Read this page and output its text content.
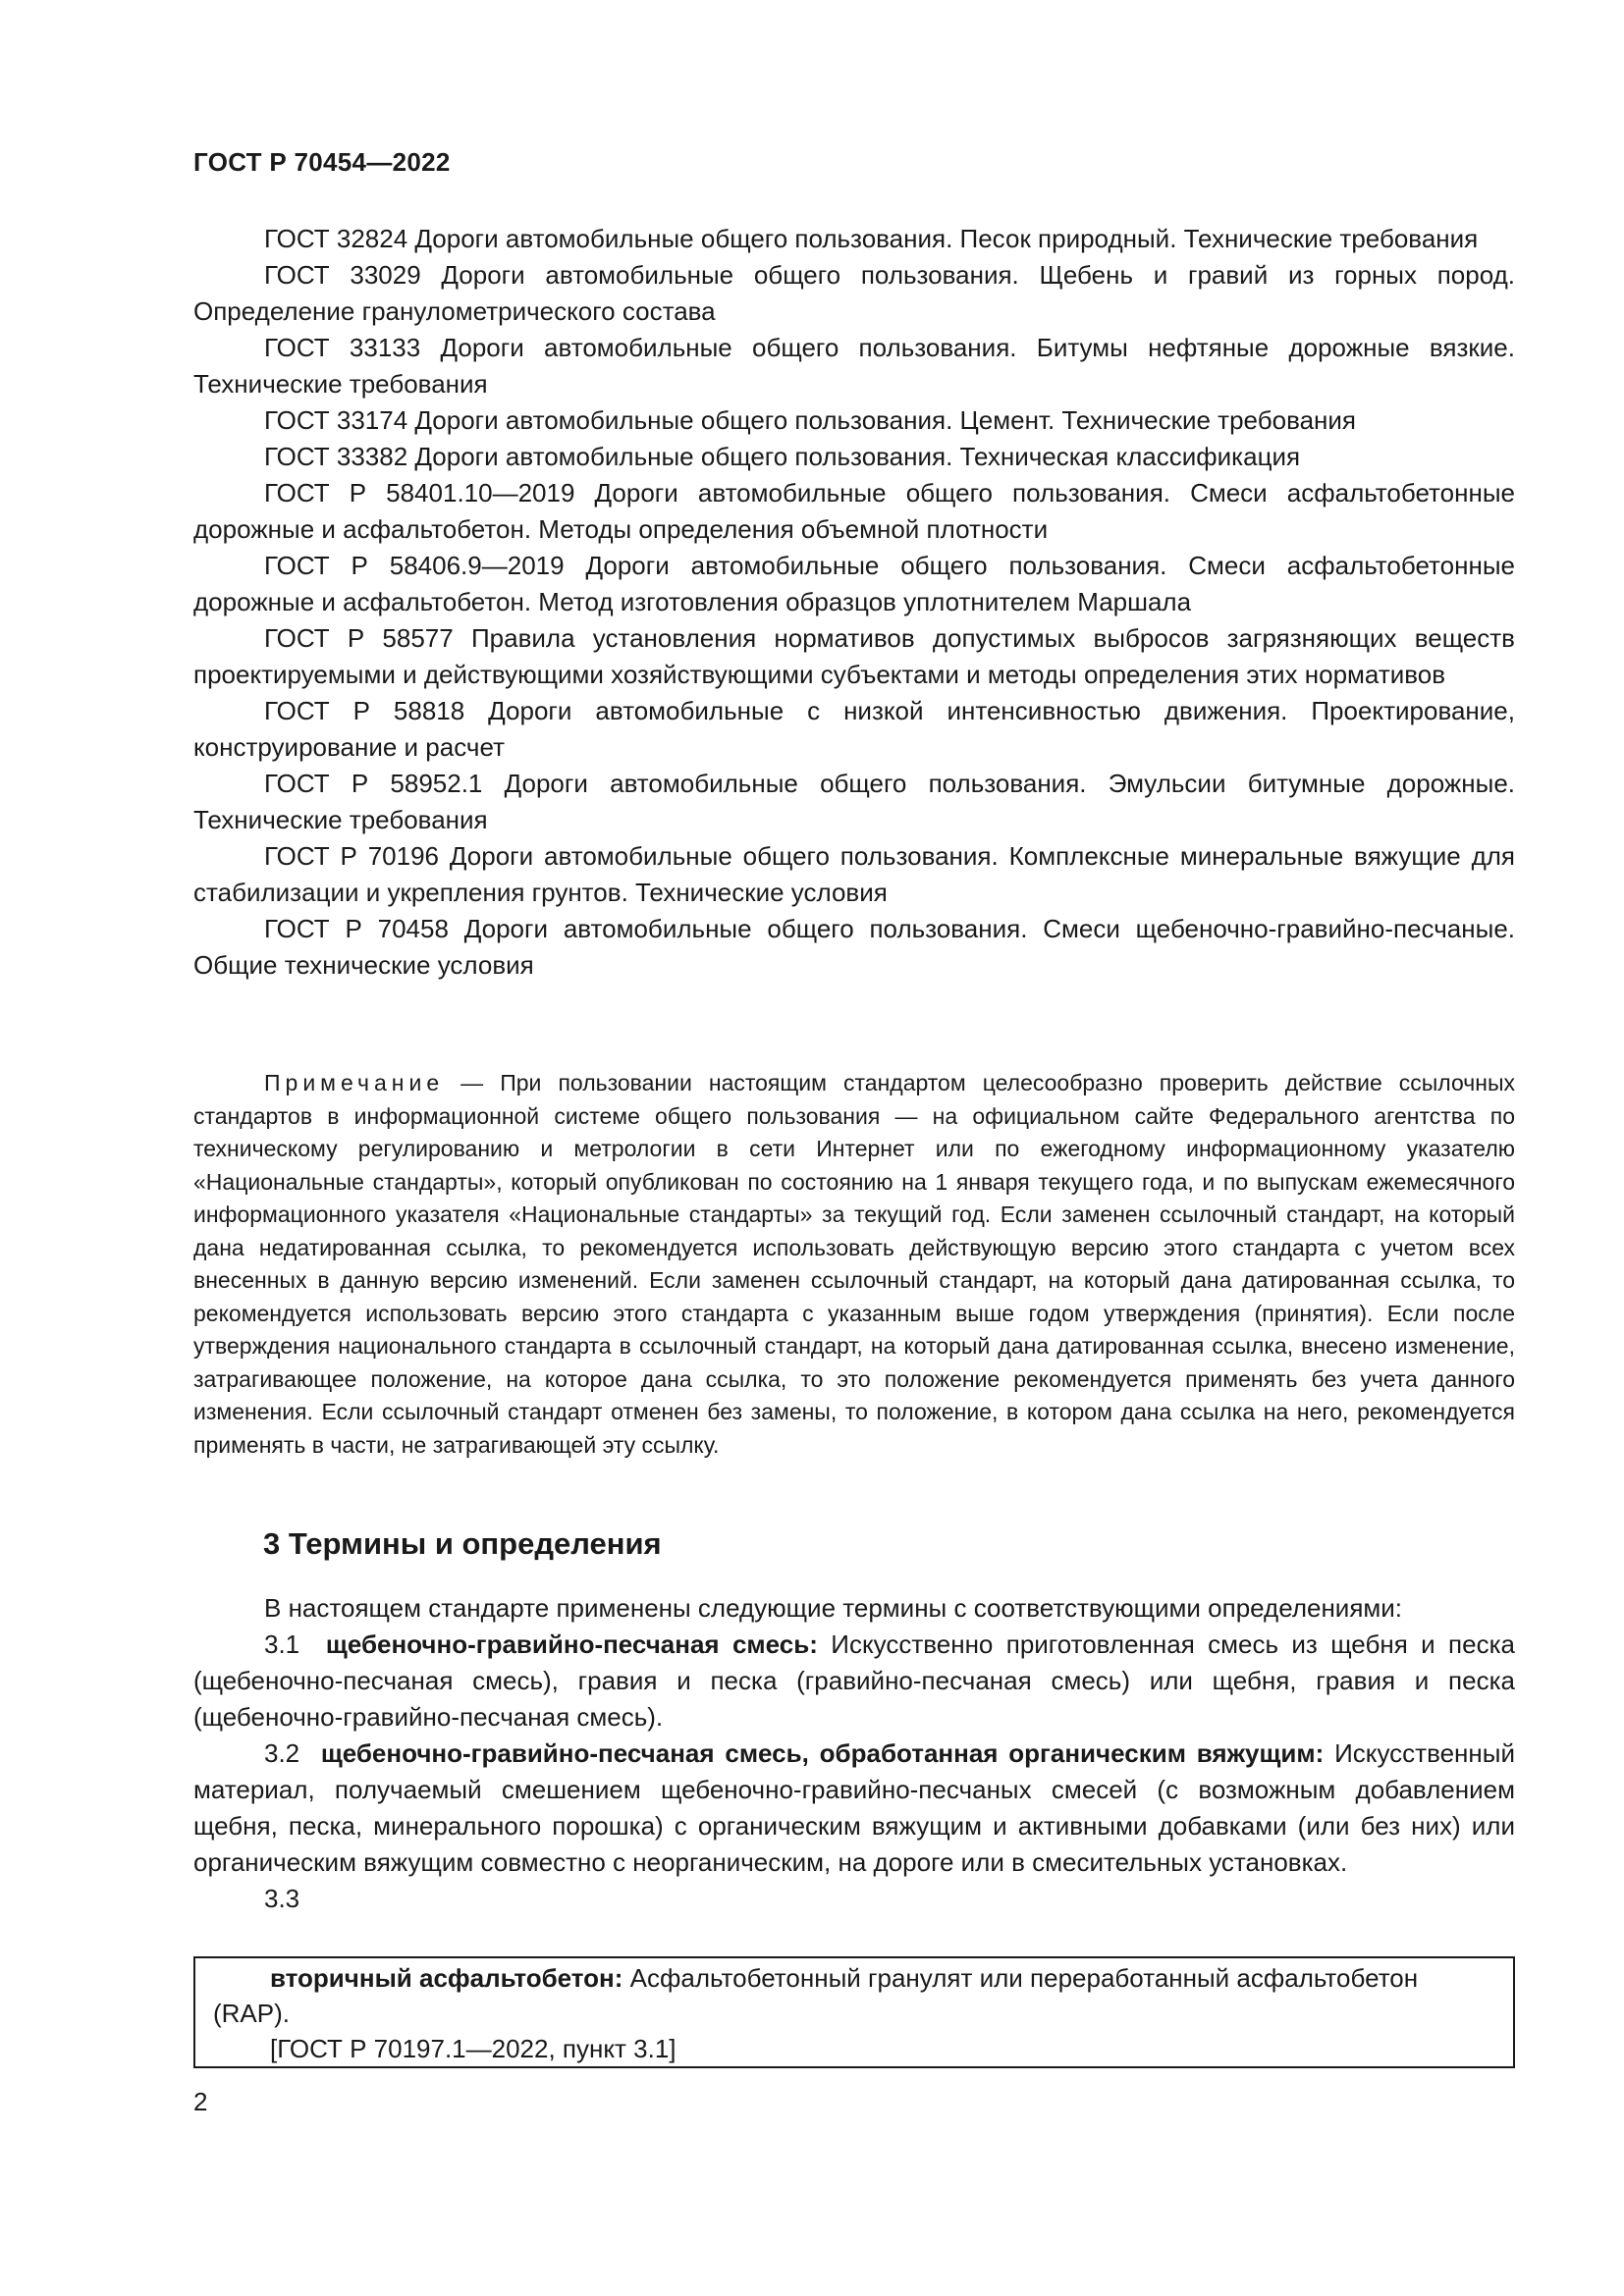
ГОСТ Р 70454—2022

ГОСТ 32824 Дороги автомобильные общего пользования. Песок природный. Технические требования

ГОСТ 33029 Дороги автомобильные общего пользования. Щебень и гравий из горных пород. Определение гранулометрического состава

ГОСТ 33133 Дороги автомобильные общего пользования. Битумы нефтяные дорожные вязкие. Технические требования

ГОСТ 33174 Дороги автомобильные общего пользования. Цемент. Технические требования

ГОСТ 33382 Дороги автомобильные общего пользования. Техническая классификация

ГОСТ Р 58401.10—2019 Дороги автомобильные общего пользования. Смеси асфальтобетонные дорожные и асфальтобетон. Методы определения объемной плотности

ГОСТ Р 58406.9—2019 Дороги автомобильные общего пользования. Смеси асфальтобетонные дорожные и асфальтобетон. Метод изготовления образцов уплотнителем Маршала

ГОСТ Р 58577 Правила установления нормативов допустимых выбросов загрязняющих веществ проектируемыми и действующими хозяйствующими субъектами и методы определения этих нормативов

ГОСТ Р 58818 Дороги автомобильные с низкой интенсивностью движения. Проектирование, конструирование и расчет

ГОСТ Р 58952.1 Дороги автомобильные общего пользования. Эмульсии битумные дорожные. Технические требования

ГОСТ Р 70196 Дороги автомобильные общего пользования. Комплексные минеральные вяжущие для стабилизации и укрепления грунтов. Технические условия

ГОСТ Р 70458 Дороги автомобильные общего пользования. Смеси щебеночно-гравийно-песчаные. Общие технические условия

Примечание — При пользовании настоящим стандартом целесообразно проверить действие ссылочных стандартов в информационной системе общего пользования — на официальном сайте Федерального агентства по техническому регулированию и метрологии в сети Интернет или по ежегодному информационному указателю «Национальные стандарты», который опубликован по состоянию на 1 января текущего года, и по выпускам ежемесячного информационного указателя «Национальные стандарты» за текущий год. Если заменен ссылочный стандарт, на который дана недатированная ссылка, то рекомендуется использовать действующую версию этого стандарта с учетом всех внесенных в данную версию изменений. Если заменен ссылочный стандарт, на который дана датированная ссылка, то рекомендуется использовать версию этого стандарта с указанным выше годом утверждения (принятия). Если после утверждения национального стандарта в ссылочный стандарт, на который дана датированная ссылка, внесено изменение, затрагивающее положение, на которое дана ссылка, то это положение рекомендуется применять без учета данного изменения. Если ссылочный стандарт отменен без замены, то положение, в котором дана ссылка на него, рекомендуется применять в части, не затрагивающей эту ссылку.

3 Термины и определения

В настоящем стандарте применены следующие термины с соответствующими определениями:

3.1 щебеночно-гравийно-песчаная смесь: Искусственно приготовленная смесь из щебня и песка (щебеночно-песчаная смесь), гравия и песка (гравийно-песчаная смесь) или щебня, гравия и песка (щебеночно-гравийно-песчаная смесь).

3.2 щебеночно-гравийно-песчаная смесь, обработанная органическим вяжущим: Искусственный материал, получаемый смешением щебеночно-гравийно-песчаных смесей (с возможным добавлением щебня, песка, минерального порошка) с органическим вяжущим и активными добавками (или без них) или органическим вяжущим совместно с неорганическим, на дороге или в смесительных установках.

3.3

вторичный асфальтобетон: Асфальтобетонный гранулят или переработанный асфальтобетон (RAP).

[ГОСТ Р 70197.1—2022, пункт 3.1]

2
